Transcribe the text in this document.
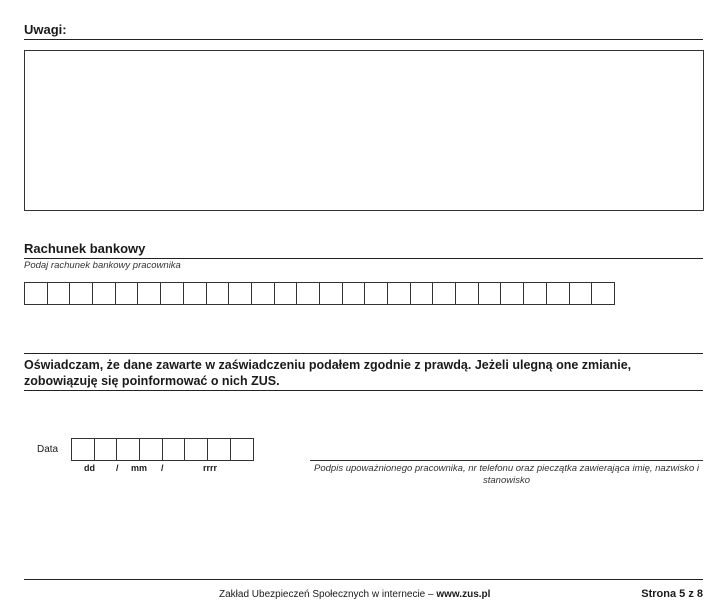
Uwagi:
Rachunek bankowy
Podaj rachunek bankowy pracownika
Oświadczam, że dane zawarte w zaświadczeniu podałem zgodnie z prawdą. Jeżeli ulegną one zmianie, zobowiązuję się poinformować o nich ZUS.
Data
dd / mm /	rrrr	Podpis upoważnionego pracownika, nr telefonu oraz pieczątka zawierająca imię, nazwisko i stanowisko
Zakład Ubezpieczeń Społecznych w internecie – www.zus.pl	Strona 5 z 8
